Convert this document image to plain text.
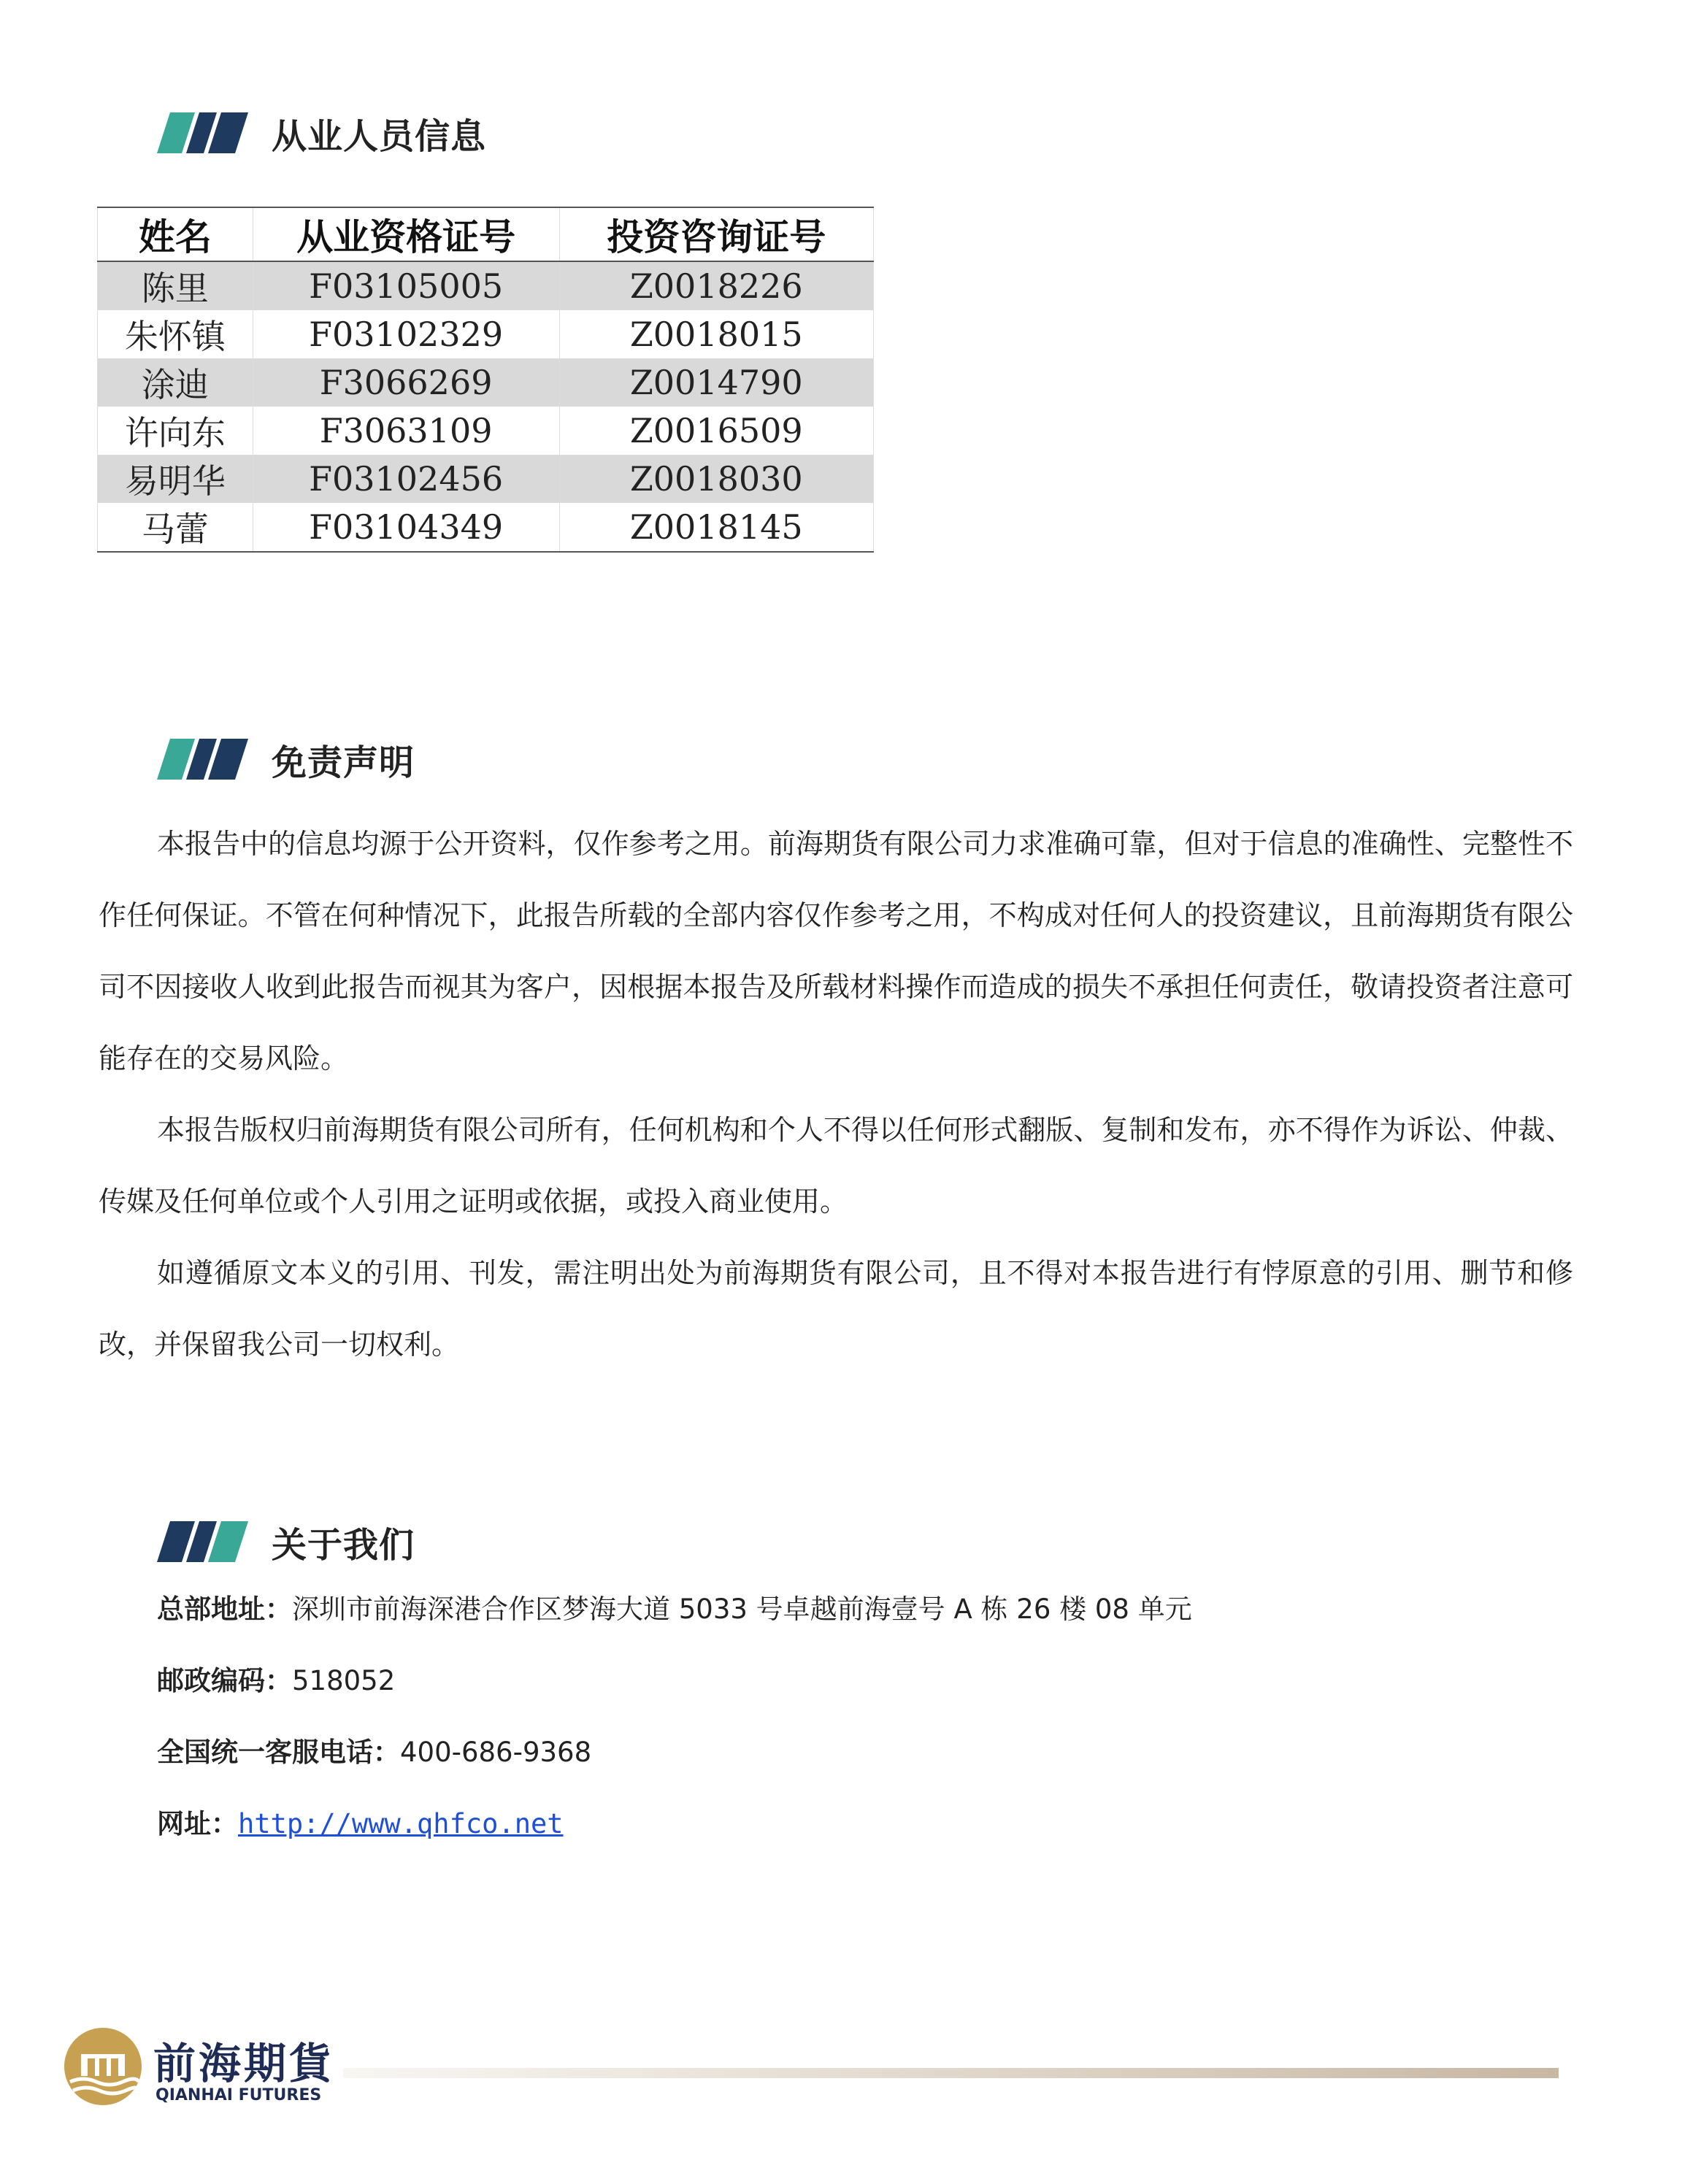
从业人员信息
姓名	从业资格证号	投资咨询证号
陈里	F03105005	Z0018226
朱怀镇	F03102329	Z0018015
涂迪	F3066269	Z0014790
许向东	F3063109	Z0016509
易明华	F03102456	Z0018030
马蕾	F03104349	Z0018145
免责声明

本报告中的信息均源于公开资料，仅作参考之用。前海期货有限公司力求准确可靠，但对于信息的准确性、完整性不作任何保证。不管在何种情况下，此报告所载的全部内容仅作参考之用，不构成对任何人的投资建议，且前海期货有限公司不因接收人收到此报告而视其为客户，因根据本报告及所载材料操作而造成的损失不承担任何责任，敬请投资者注意可能存在的交易风险。

本报告版权归前海期货有限公司所有，任何机构和个人不得以任何形式翻版、复制和发布，亦不得作为诉讼、仲裁、传媒及任何单位或个人引用之证明或依据，或投入商业使用。

如遵循原文本义的引用、刊发，需注明出处为前海期货有限公司，且不得对本报告进行有悖原意的引用、删节和修改，并保留我公司一切权利。

关于我们
总部地址：深圳市前海深港合作区梦海大道 5033 号卓越前海壹号 A 栋 26 楼 08 单元
邮政编码：518052
全国统一客服电话：400-686-9368
网址：http://www.qhfco.net
前海期貨
QIANHAI FUTURES
